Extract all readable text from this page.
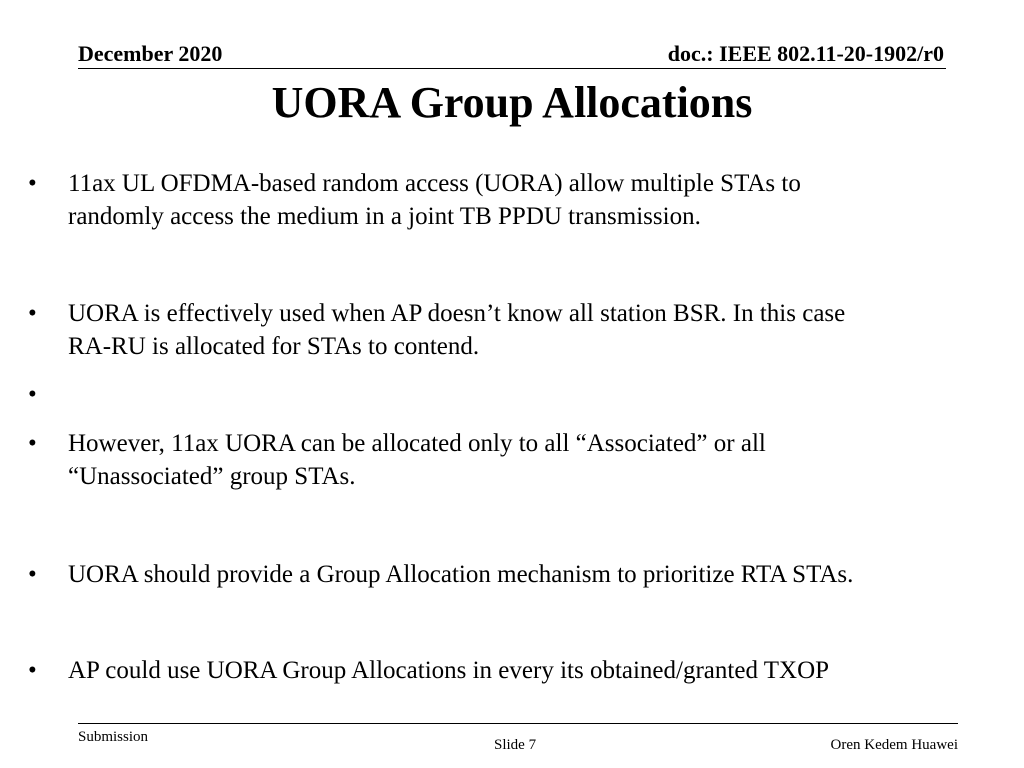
December 2020	doc.: IEEE 802.11-20-1902/r0
UORA Group Allocations
•	11ax UL OFDMA-based random access (UORA) allow multiple STAs to
randomly access the medium in a joint TB PPDU transmission.
•	UORA is effectively used when AP doesn’t know all station BSR. In this case
RA-RU is allocated for STAs to contend.
•
•	However, 11ax UORA can be allocated only to all “Associated” or all
“Unassociated” group STAs.
•	UORA should provide a Group Allocation mechanism to prioritize RTA STAs.
•	AP could use UORA Group Allocations in every its obtained/granted TXOP
Submission	Slide 7	Oren Kedem Huawei
